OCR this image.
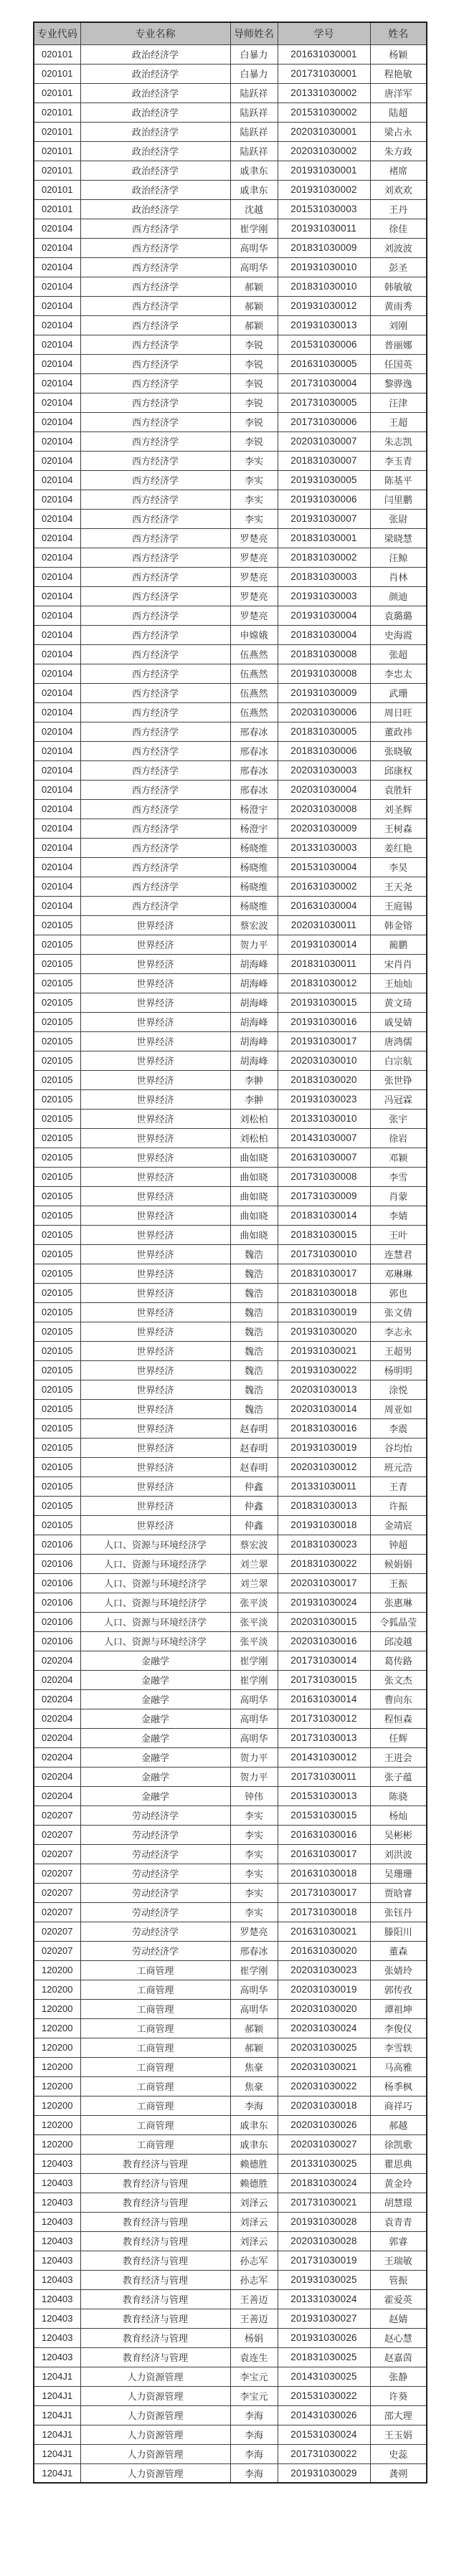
专业代码	专业名称	导师姓名	学号	姓名
020101	政治经济学	白暴力	201631030001	杨颖
020101	政治经济学	白暴力	201731030001	程艳敏
020101	政治经济学	陆跃祥	201331030002	唐洋军
020101	政治经济学	陆跃祥	201531030002	陆超
020101	政治经济学	陆跃祥	202031030001	梁占永
020101	政治经济学	陆跃祥	202031030002	朱方政
020101	政治经济学	戚聿东	201931030001	褚席
020101	政治经济学	戚聿东	201931030002	刘欢欢
020101	政治经济学	沈越	201531030003	王丹
020104	西方经济学	崔学刚	201931030011	徐佳
020104	西方经济学	高明华	201831030009	刘波波
020104	西方经济学	高明华	201931030010	彭圣
020104	西方经济学	郝颖	201831030010	韩敏敏
020104	西方经济学	郝颖	201931030012	黄雨秀
020104	西方经济学	郝颖	201931030013	刘刚
020104	西方经济学	李锐	201531030006	普丽娜
020104	西方经济学	李锐	201631030005	任国英
020104	西方经济学	李锐	201731030004	黎骅逸
020104	西方经济学	李锐	201731030005	汪津
020104	西方经济学	李锐	201731030006	王超
020104	西方经济学	李锐	202031030007	朱志凯
020104	西方经济学	李实	201831030007	李玉青
020104	西方经济学	李实	201931030005	陈基平
020104	西方经济学	李实	201931030006	闫里鹏
020104	西方经济学	李实	201931030007	张尉
020104	西方经济学	罗楚亮	201831030001	梁晓慧
020104	西方经济学	罗楚亮	201831030002	汪鲸
020104	西方经济学	罗楚亮	201831030003	肖林
020104	西方经济学	罗楚亮	201931030003	颜迪
020104	西方经济学	罗楚亮	201931030004	袁璐璐
020104	西方经济学	申嫦娥	201831030004	史海霞
020104	西方经济学	伍燕然	201831030008	张超
020104	西方经济学	伍燕然	201931030008	李忠太
020104	西方经济学	伍燕然	201931030009	武珊
020104	西方经济学	伍燕然	202031030006	周日旺
020104	西方经济学	邢春冰	201831030005	董政祎
020104	西方经济学	邢春冰	201831030006	张晓敏
020104	西方经济学	邢春冰	202031030003	邱康权
020104	西方经济学	邢春冰	202031030004	袁胜轩
020104	西方经济学	杨澄宇	202031030008	刘圣辉
020104	西方经济学	杨澄宇	202031030009	王树森
020104	西方经济学	杨晓维	201331030003	姜红艳
020104	西方经济学	杨晓维	201531030004	李昊
020104	西方经济学	杨晓维	201631030002	王天尧
020104	西方经济学	杨晓维	201631030004	王庭锡
020105	世界经济	蔡宏波	202031030011	韩金镕
020105	世界经济	贺力平	201931030014	蔺鹏
020105	世界经济	胡海峰	201831030011	宋肖肖
020105	世界经济	胡海峰	201831030012	王灿灿
020105	世界经济	胡海峰	201931030015	黄文琦
020105	世界经济	胡海峰	201931030016	戚旻婧
020105	世界经济	胡海峰	201931030017	唐鸿儒
020105	世界经济	胡海峰	202031030010	白宗航
020105	世界经济	李翀	201831030020	张世铮
020105	世界经济	李翀	201931030023	冯冠霖
020105	世界经济	刘松柏	201331030010	张宇
020105	世界经济	刘松柏	201431030007	徐岩
020105	世界经济	曲如晓	201631030007	邓颖
020105	世界经济	曲如晓	201731030008	李雪
020105	世界经济	曲如晓	201731030009	肖蒙
020105	世界经济	曲如晓	201831030014	李婧
020105	世界经济	曲如晓	201831030015	王叶
020105	世界经济	魏浩	201731030010	连慧君
020105	世界经济	魏浩	201831030017	邓琳琳
020105	世界经济	魏浩	201831030018	郭也
020105	世界经济	魏浩	201831030019	张文倩
020105	世界经济	魏浩	201931030020	李志永
020105	世界经济	魏浩	201931030021	王超男
020105	世界经济	魏浩	201931030022	杨明明
020105	世界经济	魏浩	202031030013	涂悦
020105	世界经济	魏浩	202031030014	周亚如
020105	世界经济	赵春明	201831030016	李震
020105	世界经济	赵春明	201931030019	谷均怡
020105	世界经济	赵春明	202031030012	班元浩
020105	世界经济	仲鑫	201331030011	王青
020105	世界经济	仲鑫	201831030013	许振
020105	世界经济	仲鑫	201931030018	金靖宸
020106	人口、资源与环境经济学	蔡宏波	201831030023	钟超
020106	人口、资源与环境经济学	刘兰翠	201831030022	候娟娟
020106	人口、资源与环境经济学	刘兰翠	202031030017	王振
020106	人口、资源与环境经济学	张平淡	201931030024	张惠琳
020106	人口、资源与环境经济学	张平淡	202031030015	令狐晶莹
020106	人口、资源与环境经济学	张平淡	202031030016	邱凌越
020204	金融学	崔学刚	201731030014	葛传路
020204	金融学	崔学刚	201731030015	张文杰
020204	金融学	高明华	201631030014	曹向东
020204	金融学	高明华	201731030012	程恒森
020204	金融学	高明华	201731030013	任辉
020204	金融学	贺力平	201431030012	王进会
020204	金融学	贺力平	201731030011	张子蕴
020204	金融学	钟伟	201531030013	陈骁
020207	劳动经济学	李实	201531030015	杨灿
020207	劳动经济学	李实	201631030016	吴彬彬
020207	劳动经济学	李实	201631030017	刘洪波
020207	劳动经济学	李实	201631030018	吴珊珊
020207	劳动经济学	李实	201731030017	贾晗睿
020207	劳动经济学	李实	201731030018	张钰丹
020207	劳动经济学	罗楚亮	201631030021	滕阳川
020207	劳动经济学	邢春冰	201631030020	董森
120200	工商管理	崔学刚	202031030023	张婧玲
120200	工商管理	高明华	202031030019	郭传孜
120200	工商管理	高明华	202031030020	谭祖坤
120200	工商管理	郝颖	202031030024	李俊仪
120200	工商管理	郝颖	202031030025	李雪轶
120200	工商管理	焦豪	202031030021	马高雅
120200	工商管理	焦豪	202031030022	杨季枫
120200	工商管理	李海	202031030018	商祥巧
120200	工商管理	戚聿东	202031030026	郝越
120200	工商管理	戚聿东	202031030027	徐凯歌
120403	教育经济与管理	赖德胜	201331030025	瞿思典
120403	教育经济与管理	赖德胜	201831030024	黄金玲
120403	教育经济与管理	刘泽云	201731030021	胡慧璟
120403	教育经济与管理	刘泽云	201931030028	袁青青
120403	教育经济与管理	刘泽云	202031030028	郭睿
120403	教育经济与管理	孙志军	201731030019	王瑞敏
120403	教育经济与管理	孙志军	201931030025	管振
120403	教育经济与管理	王善迈	201331030024	霍爱英
120403	教育经济与管理	王善迈	201931030027	赵婧
120403	教育经济与管理	杨娟	201931030026	赵心慧
120403	教育经济与管理	袁连生	201831030025	赵嘉茵
1204J1	人力资源管理	李宝元	201431030025	张静
1204J1	人力资源管理	李宝元	201531030022	许葵
1204J1	人力资源管理	李海	201431030026	邵大理
1204J1	人力资源管理	李海	201531030024	王玉娟
1204J1	人力资源管理	李海	201731030022	史蕊
1204J1	人力资源管理	李海	201931030029	龚朔
